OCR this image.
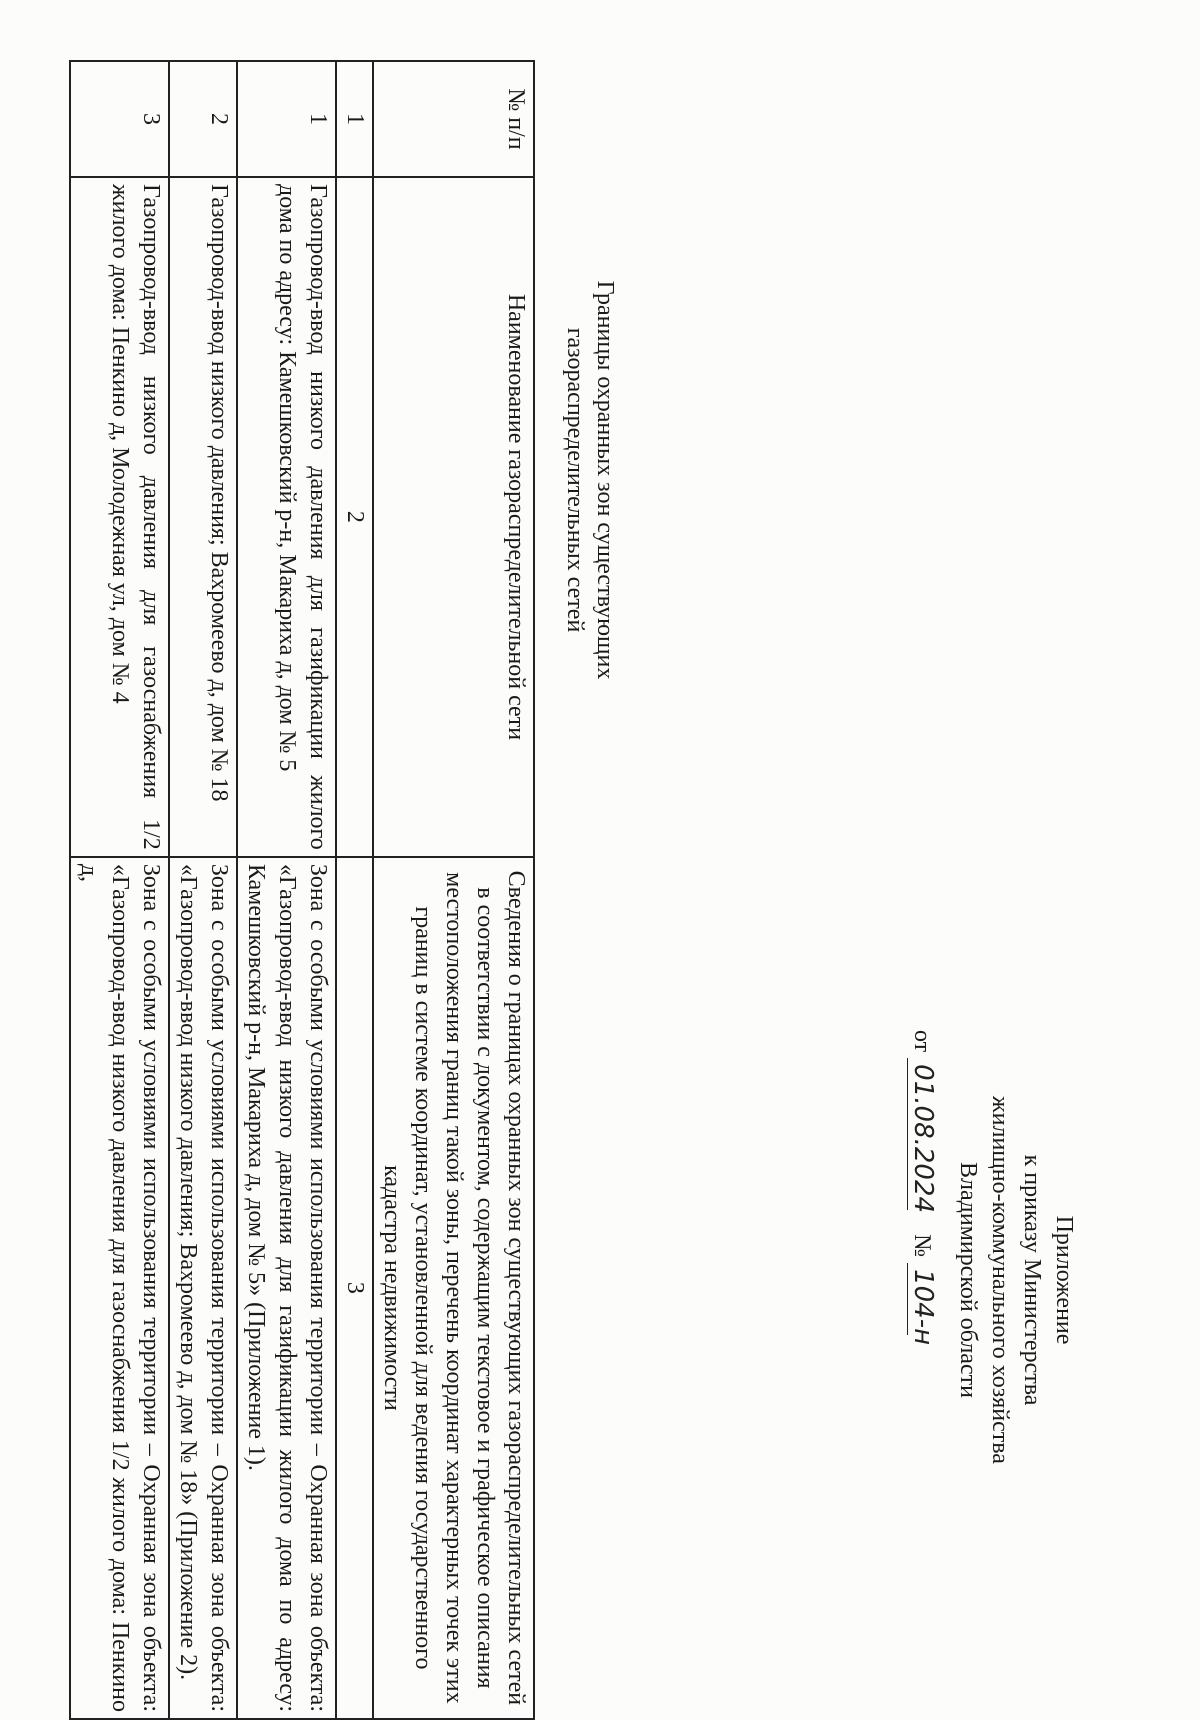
Приложение
к приказу Министерства
жилищно-коммунального хозяйства
Владимирской области
от 01.08.2024    № 104-н
Границы охранных зон существующих
газораспределительных сетей
№ п/п	Наименование газораспределительной сети	Сведения о границах охранных зон существующих газораспределительных сетей в соответствии с документом, содержащим текстовое и графическое описания местоположения границ такой зоны, перечень координат характерных точек этих границ в системе координат, установленной для ведения государственного кадастра недвижимости
1	2	3
1	Газопровод-ввод низкого давления для газификации жилого дома по адресу: Камешковский р-н, Макариха д, дом № 5	Зона с особыми условиями использования территории – Охранная зона объекта: «Газопровод-ввод низкого давления для газификации жилого дома по адресу: Камешковский р-н, Макариха д, дом № 5» (Приложение 1).
2	Газопровод-ввод низкого давления; Вахромеево д, дом № 18	Зона с особыми условиями использования территории – Охранная зона объекта: «Газопровод-ввод низкого давления; Вахромеево д, дом № 18» (Приложение 2).
3	Газопровод-ввод низкого давления для газоснабжения 1/2 жилого дома: Пенкино д, Молодежная ул, дом № 4	Зона с особыми условиями использования территории – Охранная зона объекта: «Газопровод-ввод низкого давления для газоснабжения 1/2 жилого дома: Пенкино д,
